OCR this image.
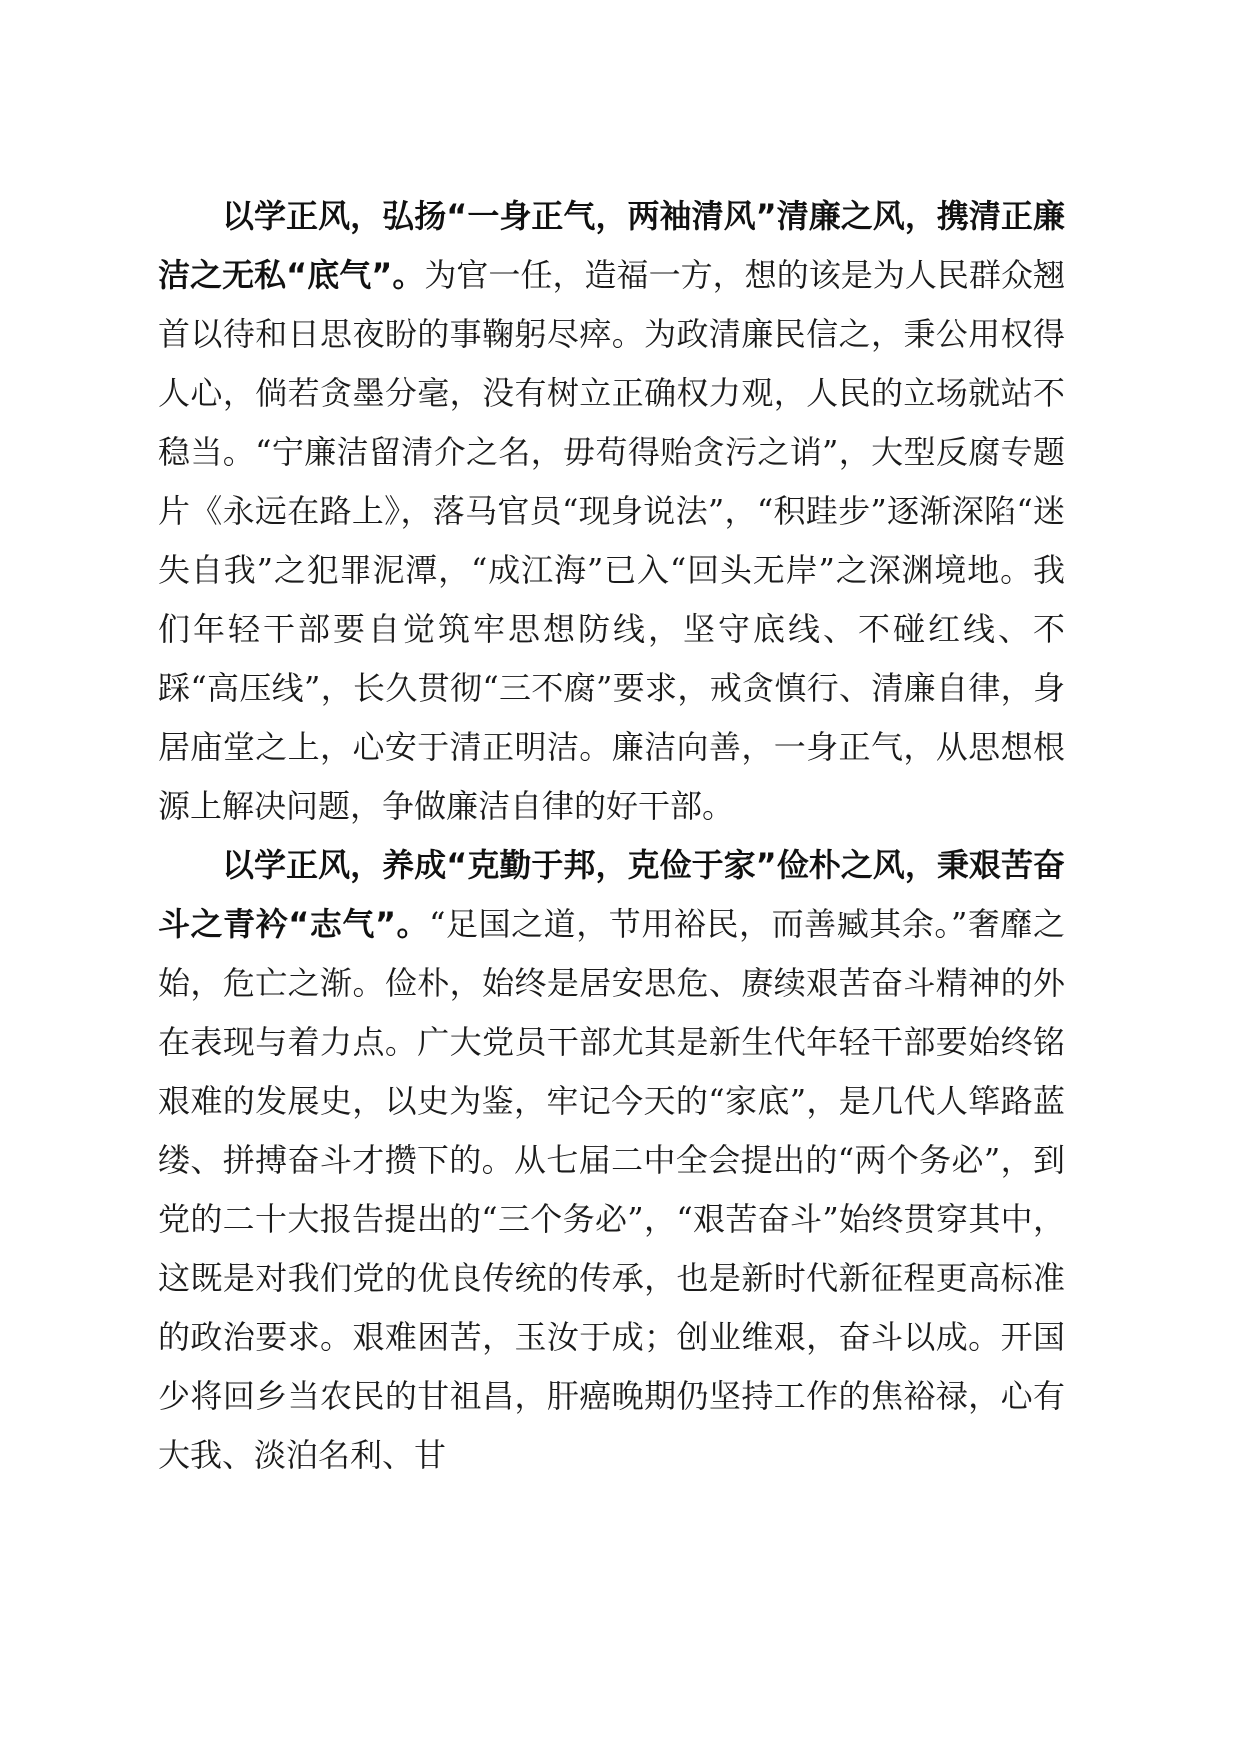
以学正风，弘扬“一身正气，两袖清风”清廉之风，携清正廉洁之无私“底气”。为官一任，造福一方，想的该是为人民群众翘首以待和日思夜盼的事鞠躬尽瘁。为政清廉民信之，秉公用权得人心，倘若贪墨分毫，没有树立正确权力观，人民的立场就站不稳当。“宁廉洁留清介之名，毋苟得贻贪污之诮”，大型反腐专题片《永远在路上》，落马官员“现身说法”，“积跬步”逐渐深陷“迷失自我”之犯罪泥潭，“成江海”已入“回头无岸”之深渊境地。我们年轻干部要自觉筑牢思想防线，坚守底线、不碰红线、不踩“高压线”，长久贯彻“三不腐”要求，戒贪慎行、清廉自律，身居庙堂之上，心安于清正明洁。廉洁向善，一身正气，从思想根源上解决问题，争做廉洁自律的好干部。

以学正风，养成“克勤于邦，克俭于家”俭朴之风，秉艰苦奋斗之青衿“志气”。“足国之道，节用裕民，而善臧其余。”奢靡之始，危亡之渐。俭朴，始终是居安思危、赓续艰苦奋斗精神的外在表现与着力点。广大党员干部尤其是新生代年轻干部要始终铭艰难的发展史，以史为鉴，牢记今天的“家底”，是几代人筚路蓝缕、拼搏奋斗才攒下的。从七届二中全会提出的“两个务必”，到党的二十大报告提出的“三个务必”，“艰苦奋斗”始终贯穿其中，这既是对我们党的优良传统的传承，也是新时代新征程更高标准的政治要求。艰难困苦，玉汝于成；创业维艰，奋斗以成。开国少将回乡当农民的甘祖昌，肝癌晚期仍坚持工作的焦裕禄，心有大我、淡泊名利、甘
